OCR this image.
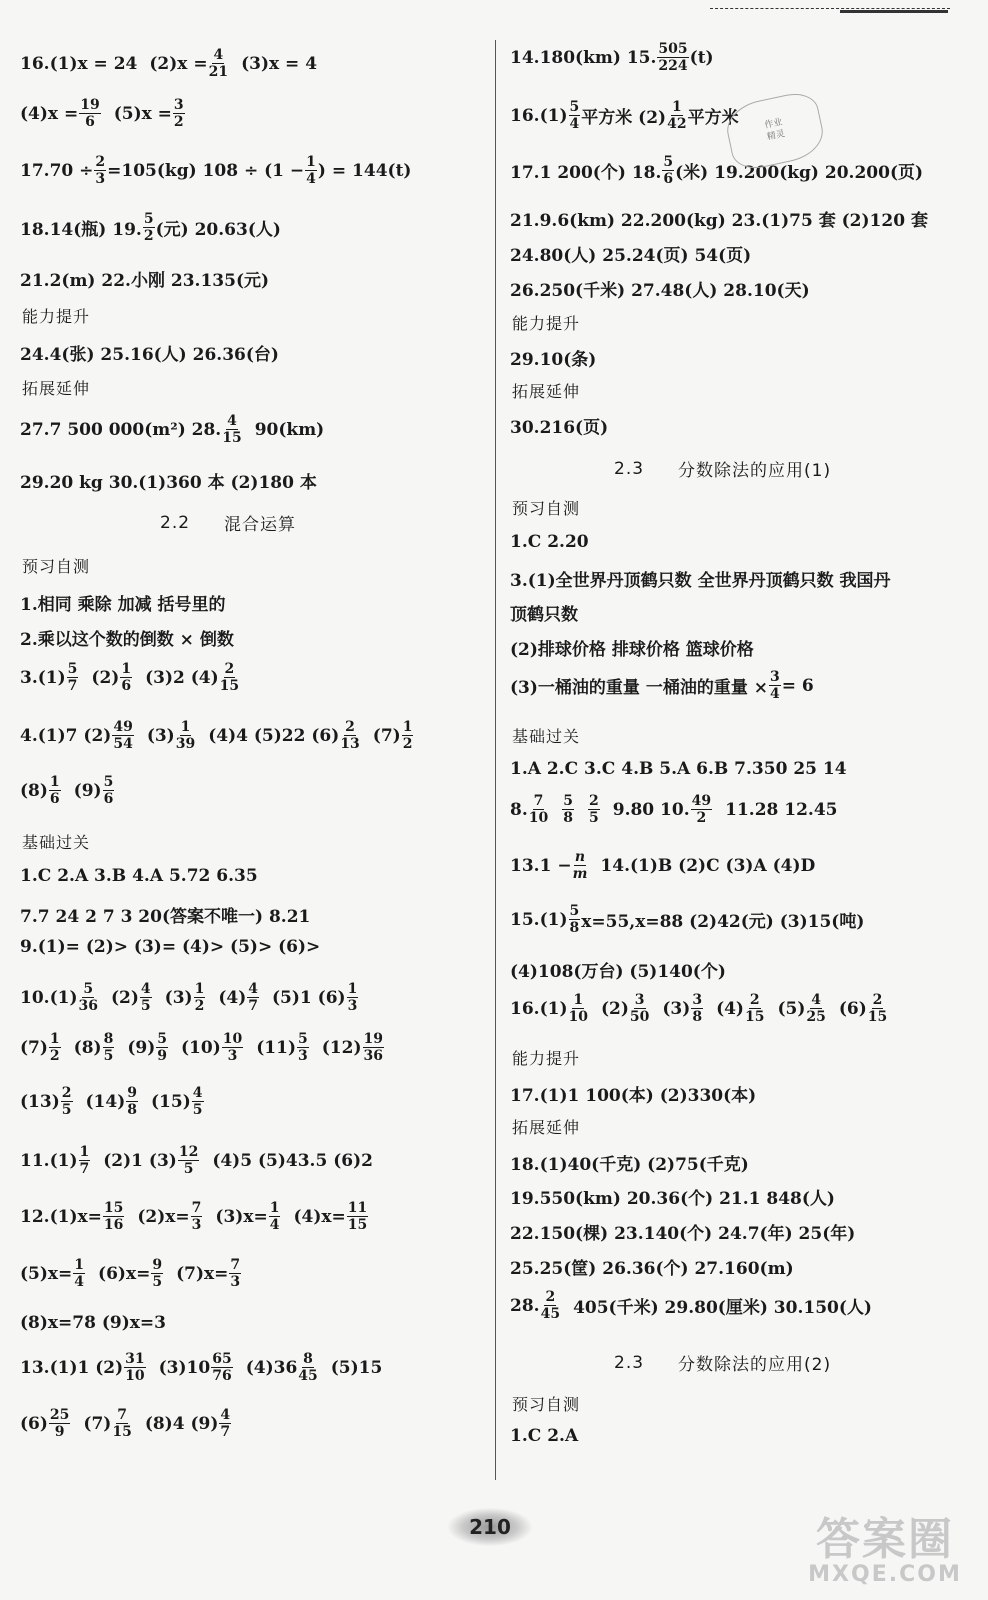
16.(1)x = 24 $(2)x = \frac{4}{21} (3)x = 4$
$(4)x = \frac{19}{6} (5)x = \frac{3}{2}$
$17.70 \div \frac{2}{3} =105(kg) 108 \div (1 - \frac{1}{4}$ ) = 144(t)
18.14(瓶) 19. $\frac{5}{2}$ (元) 20.63(人)
21.2(m) 22.小刚 23.135(元)
能力提升
24.4(张) 25.16(人) 26.36(台)
拓展延伸
27.7 500 000(m²) 28. $\frac{4}{15} 90(km)$
29.20 kg 30.(1)360 本 (2)180 本
2.2 混合运算
预习自测
1.相同 乘除 加减 括号里的
2.乘以这个数的倒数 × 倒数
$3.(1) \frac{5}{7} (2) \frac{1}{6} (3)2$ $(4) \frac{2}{15}$
4.(1)7 $(2) \frac{49}{54} (3) \frac{1}{39} (4)4$ (5)22 $(6) \frac{2}{13} (7) \frac{1}{2}$
$(8) \frac{1}{6} (9) \frac{5}{6}$
基础过关
1.C 2.A 3.B 4.A 5.72 6.35
7.7 24 2 7 3 20(答案不唯一) 8.21
9.(1)= (2)> (3)= (4)> (5)> (6)>
$10.(1) \frac{5}{36} (2) \frac{4}{5} (3) \frac{1}{2} (4) \frac{4}{7} (5)1$ $(6) \frac{1}{3}$
$(7) \frac{1}{2} (8) \frac{8}{5} (9) \frac{5}{9} (10) \frac{10}{3} (11) \frac{5}{3} (12) \frac{19}{36}$
$(13) \frac{2}{5} (14) \frac{9}{8} (15) \frac{4}{5}$
$11.(1) \frac{1}{7} (2)1$ $(3) \frac{12}{5} (4)5$ (5)43.5 (6)2
$12.(1)x= \frac{15}{16} (2)x= \frac{7}{3} (3)x= \frac{1}{4} (4)x= \frac{11}{15}$
$(5)x= \frac{1}{4} (6)x= \frac{9}{5} (7)x= \frac{7}{3}$
(8)x=78 (9)x=3
13.(1)1 $(2) \frac{31}{10} (3)10 \frac{65}{76} (4)36 \frac{8}{45} (5)15$
$(6) \frac{25}{9} (7) \frac{7}{15} (8)4$ $(9) \frac{4}{7}$
14.180(km) 15. $\frac{505}{224} (t)$
$16.(1) \frac{5}{4}$ 平方米 $(2) \frac{1}{42}$ 平方米
17.1 200(个) 18. $\frac{5}{6}$ (米) 19.200(kg) 20.200(页)
21.9.6(km) 22.200(kg) 23.(1)75 套 (2)120 套
24.80(人) 25.24(页) 54(页)
26.250(千米) 27.48(人) 28.10(天)
能力提升
29.10(条)
拓展延伸
30.216(页)
2.3 分数除法的应用(1)
预习自测
1.C 2.20
3.(1)全世界丹顶鹤只数 全世界丹顶鹤只数 我国丹
顶鹤只数
(2)排球价格 排球价格 篮球价格
(3)一桶油的重量 一桶油的重量 × $\frac{3}{4} = 6$
基础过关
1.A 2.C 3.C 4.B 5.A 6.B 7.350 25 14
8. $\frac{7}{10} \frac{5}{8} \frac{2}{5} 9.80$ 10. $\frac{49}{2} 11.28$ 12.45
$13.1 - \frac{n}{m} 14.(1)B$ (2)C (3)A (4)D
$15.(1) \frac{5}{8} x=55,x=88$ (2)42(元) (3)15(吨)
(4)108(万台) (5)140(个)
$16.(1) \frac{1}{10} (2) \frac{3}{50} (3) \frac{3}{8} (4) \frac{2}{15} (5) \frac{4}{25} (6) \frac{2}{15}$
能力提升
17.(1)1 100(本) (2)330(本)
拓展延伸
18.(1)40(千克) (2)75(千克)
19.550(km) 20.36(个) 21.1 848(人)
22.150(棵) 23.140(个) 24.7(年) 25(年)
25.25(筐) 26.36(个) 27.160(m)
28. $\frac{2}{45} 405$(千米) 29.80(厘米) 30.150(人)
2.3 分数除法的应用(2)
预习自测
1.C 2.A
作业
精灵
210	答案圈
MXQE.COM
